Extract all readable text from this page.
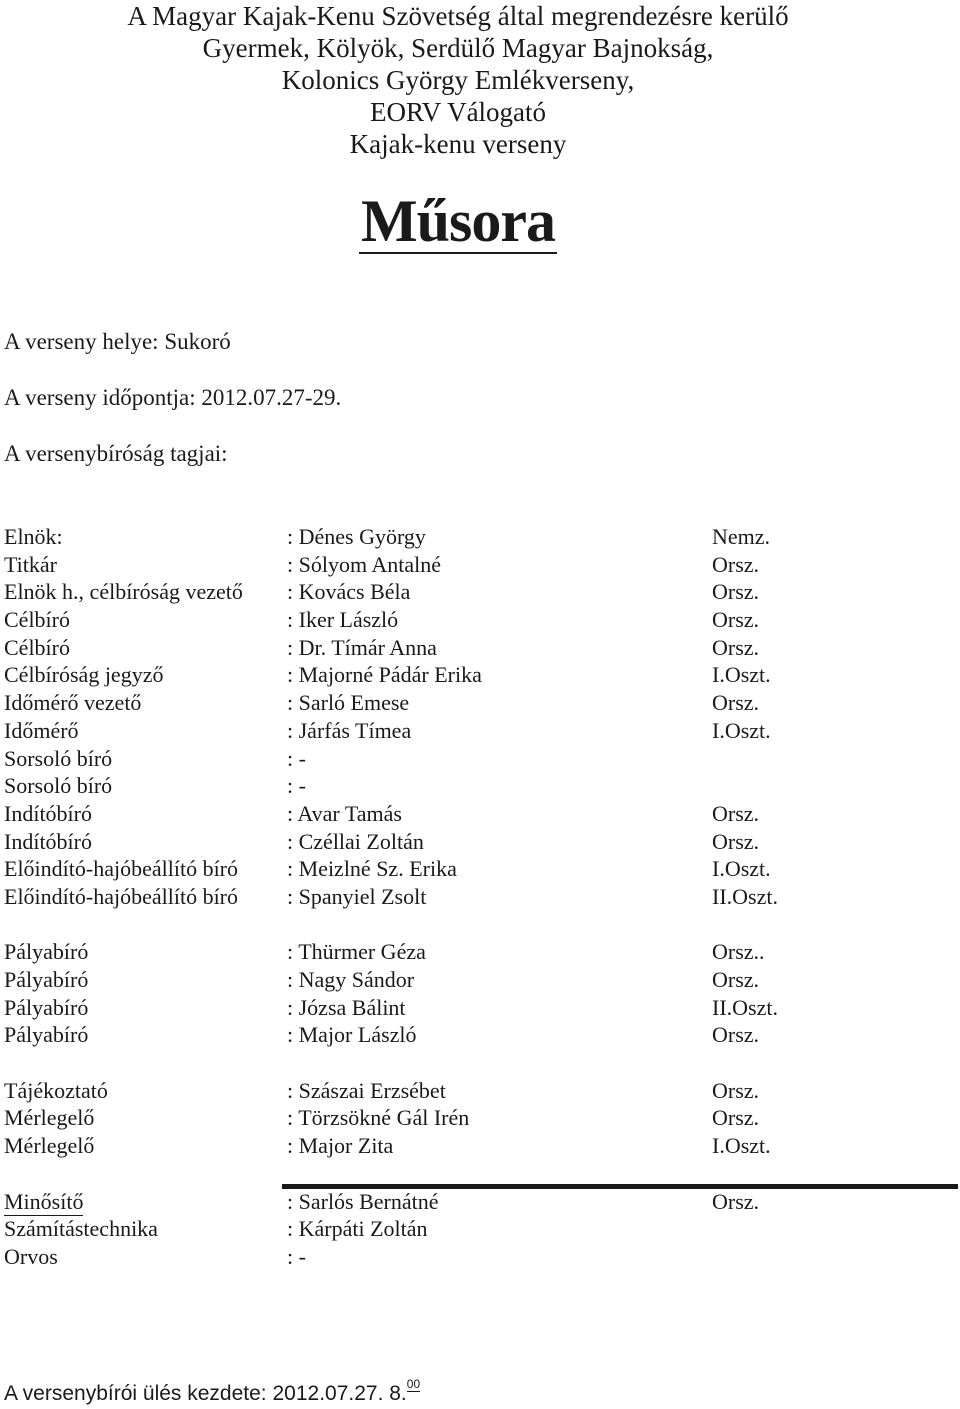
A Magyar Kajak-Kenu Szövetség által megrendezésre kerülő
Gyermek, Kölyök, Serdülő Magyar Bajnokság,
Kolonics György Emlékverseny,
EORV Válogató
Kajak-kenu verseny
Műsora
A verseny helye: Sukoró
A verseny időpontja: 2012.07.27-29.
A versenybíróság tagjai:
Elnök:	: Dénes György	Nemz.
Titkár	: Sólyom Antalné	Orsz.
Elnök h., célbíróság vezető : Kovács Béla	Orsz.
Célbíró	: Iker László	Orsz.
Célbíró	: Dr. Tímár Anna	Orsz.
Célbíróság jegyző	: Majorné Pádár Erika	I.Oszt.
Időmérő vezető	: Sarló Emese	Orsz.
Időmérő	: Járfás Tímea	I.Oszt.
Sorsoló bíró	: -
Sorsoló bíró	: -
Indítóbíró	: Avar Tamás	Orsz.
Indítóbíró	: Czéllai Zoltán	Orsz.
Előindító-hajóbeállító bíró : Meizlné Sz. Erika	I.Oszt.
Előindító-hajóbeállító bíró : Spanyiel Zsolt	II.Oszt.
Pályabíró	: Thürmer Géza	Orsz..
Pályabíró	: Nagy Sándor	Orsz.
Pályabíró	: Józsa Bálint	II.Oszt.
Pályabíró	: Major László	Orsz.
Tájékoztató	: Szászai Erzsébet	Orsz.
Mérlegelő	: Törzsökné Gál Irén	Orsz.
Mérlegelő	: Major Zita	I.Oszt.
Minősítő	: Sarlós Bernátné	Orsz.
Számítástechnika	: Kárpáti Zoltán
Orvos	: -
A versenybírói ülés kezdete: 2012.07.27. 8.00
